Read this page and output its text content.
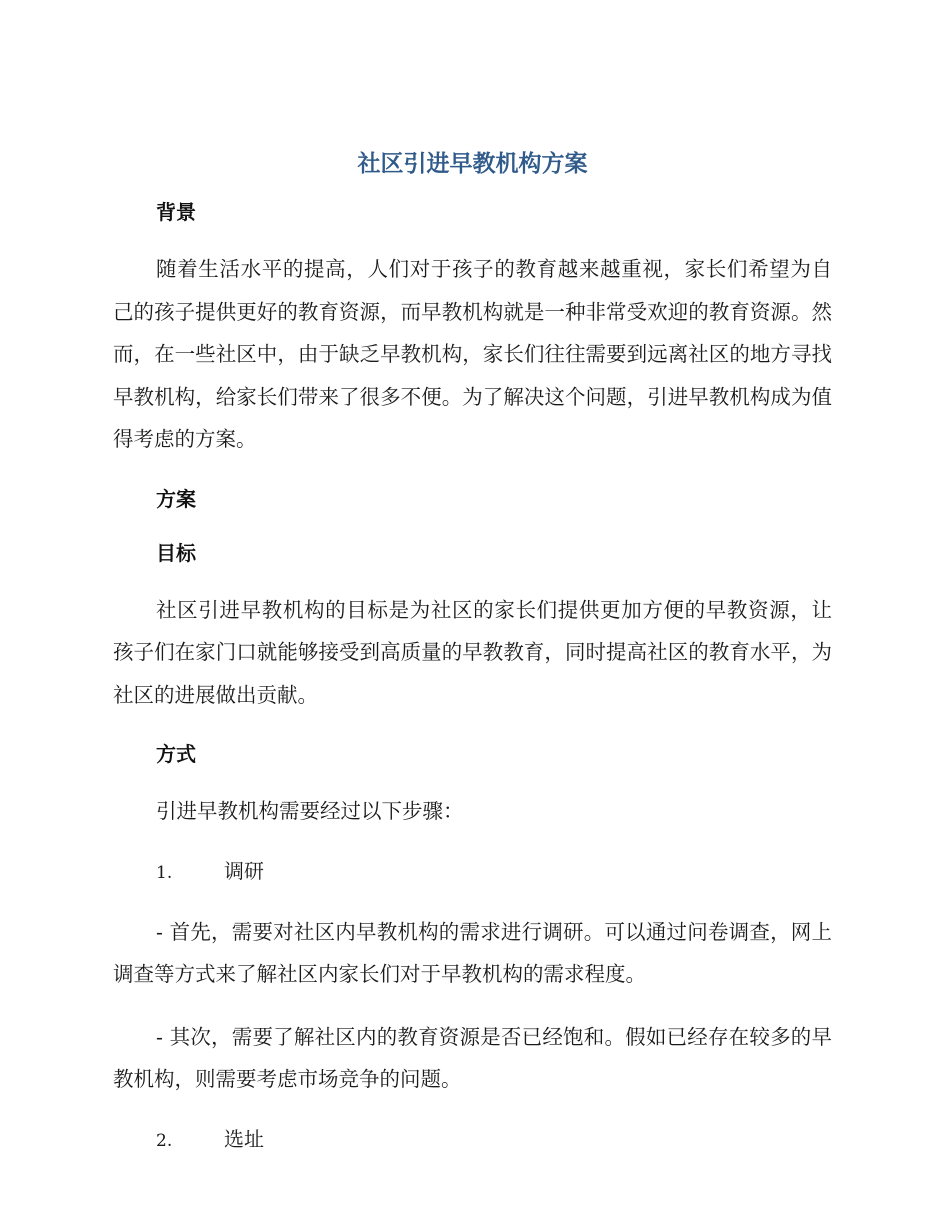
社区引进早教机构方案
背景

随着生活水平的提高，人们对于孩子的教育越来越重视，家长们希望为自己的孩子提供更好的教育资源，而早教机构就是一种非常受欢迎的教育资源。然而，在一些社区中，由于缺乏早教机构，家长们往往需要到远离社区的地方寻找早教机构，给家长们带来了很多不便。为了解决这个问题，引进早教机构成为值得考虑的方案。

方案
目标

社区引进早教机构的目标是为社区的家长们提供更加方便的早教资源，让孩子们在家门口就能够接受到高质量的早教教育，同时提高社区的教育水平，为社区的进展做出贡献。

方式

引进早教机构需要经过以下步骤：

1.	调研

- 首先，需要对社区内早教机构的需求进行调研。可以通过问卷调查，网上调查等方式来了解社区内家长们对于早教机构的需求程度。

- 其次，需要了解社区内的教育资源是否已经饱和。假如已经存在较多的早教机构，则需要考虑市场竞争的问题。

2.	选址
